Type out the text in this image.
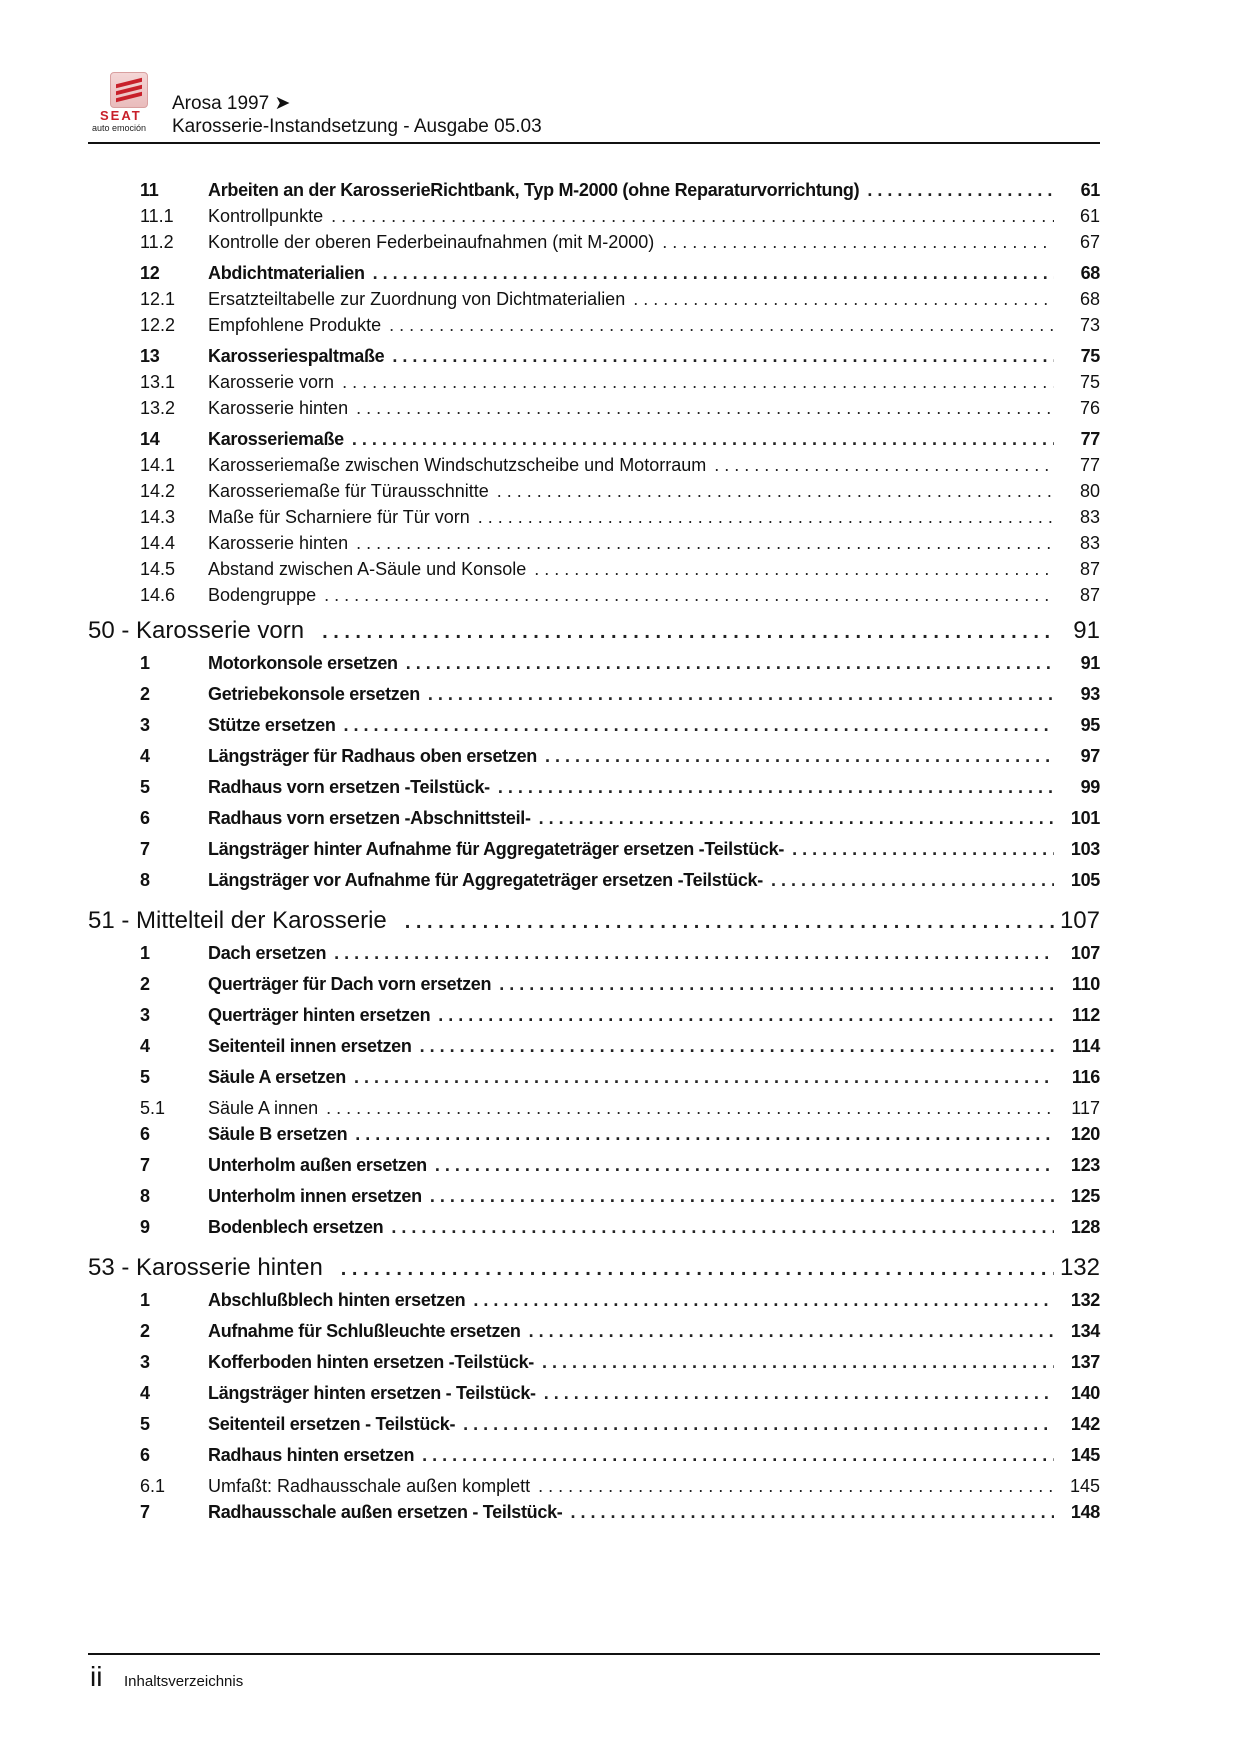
SEAT
auto emoción
Arosa 1997 ➤
Karosserie-Instandsetzung - Ausgabe 05.03
11	Arbeiten an der KarosserieRichtbank, Typ M-2000 (ohne Reparaturvorrichtung) . . .	61
11.1	Kontrollpunkte . . .	61
11.2	Kontrolle der oberen Federbeinaufnahmen (mit M-2000) . . .	67
12	Abdichtmaterialien . . .	68
12.1	Ersatzteiltabelle zur Zuordnung von Dichtmaterialien . . .	68
12.2	Empfohlene Produkte . . .	73
13	Karosseriespaltmaße . . .	75
13.1	Karosserie vorn . . .	75
13.2	Karosserie hinten . . .	76
14	Karosseriemaße . . .	77
14.1	Karosseriemaße zwischen Windschutzscheibe und Motorraum . . .	77
14.2	Karosseriemaße für Türausschnitte . . .	80
14.3	Maße für Scharniere für Tür vorn . . .	83
14.4	Karosserie hinten . . .	83
14.5	Abstand zwischen A-Säule und Konsole . . .	87
14.6	Bodengruppe . . .	87
50 - Karosserie vorn . . .	91
1	Motorkonsole ersetzen . . .	91
2	Getriebekonsole ersetzen . . .	93
3	Stütze ersetzen . . .	95
4	Längsträger für Radhaus oben ersetzen . . .	97
5	Radhaus vorn ersetzen -Teilstück- . . .	99
6	Radhaus vorn ersetzen -Abschnittsteil- . . .	101
7	Längsträger hinter Aufnahme für Aggregateträger ersetzen -Teilstück- . . .	103
8	Längsträger vor Aufnahme für Aggregateträger ersetzen -Teilstück- . . .	105
51 - Mittelteil der Karosserie . . .	107
1	Dach ersetzen . . .	107
2	Querträger für Dach vorn ersetzen . . .	110
3	Querträger hinten ersetzen . . .	112
4	Seitenteil innen ersetzen . . .	114
5	Säule A ersetzen . . .	116
5.1	Säule A innen . . .	117
6	Säule B ersetzen . . .	120
7	Unterholm außen ersetzen . . .	123
8	Unterholm innen ersetzen . . .	125
9	Bodenblech ersetzen . . .	128
53 - Karosserie hinten . . .	132
1	Abschlußblech hinten ersetzen . . .	132
2	Aufnahme für Schlußleuchte ersetzen . . .	134
3	Kofferboden hinten ersetzen -Teilstück- . . .	137
4	Längsträger hinten ersetzen - Teilstück- . . .	140
5	Seitenteil ersetzen - Teilstück- . . .	142
6	Radhaus hinten ersetzen . . .	145
6.1	Umfaßt: Radhausschale außen komplett . . .	145
7	Radhausschale außen ersetzen - Teilstück- . . .	148
ii Inhaltsverzeichnis
